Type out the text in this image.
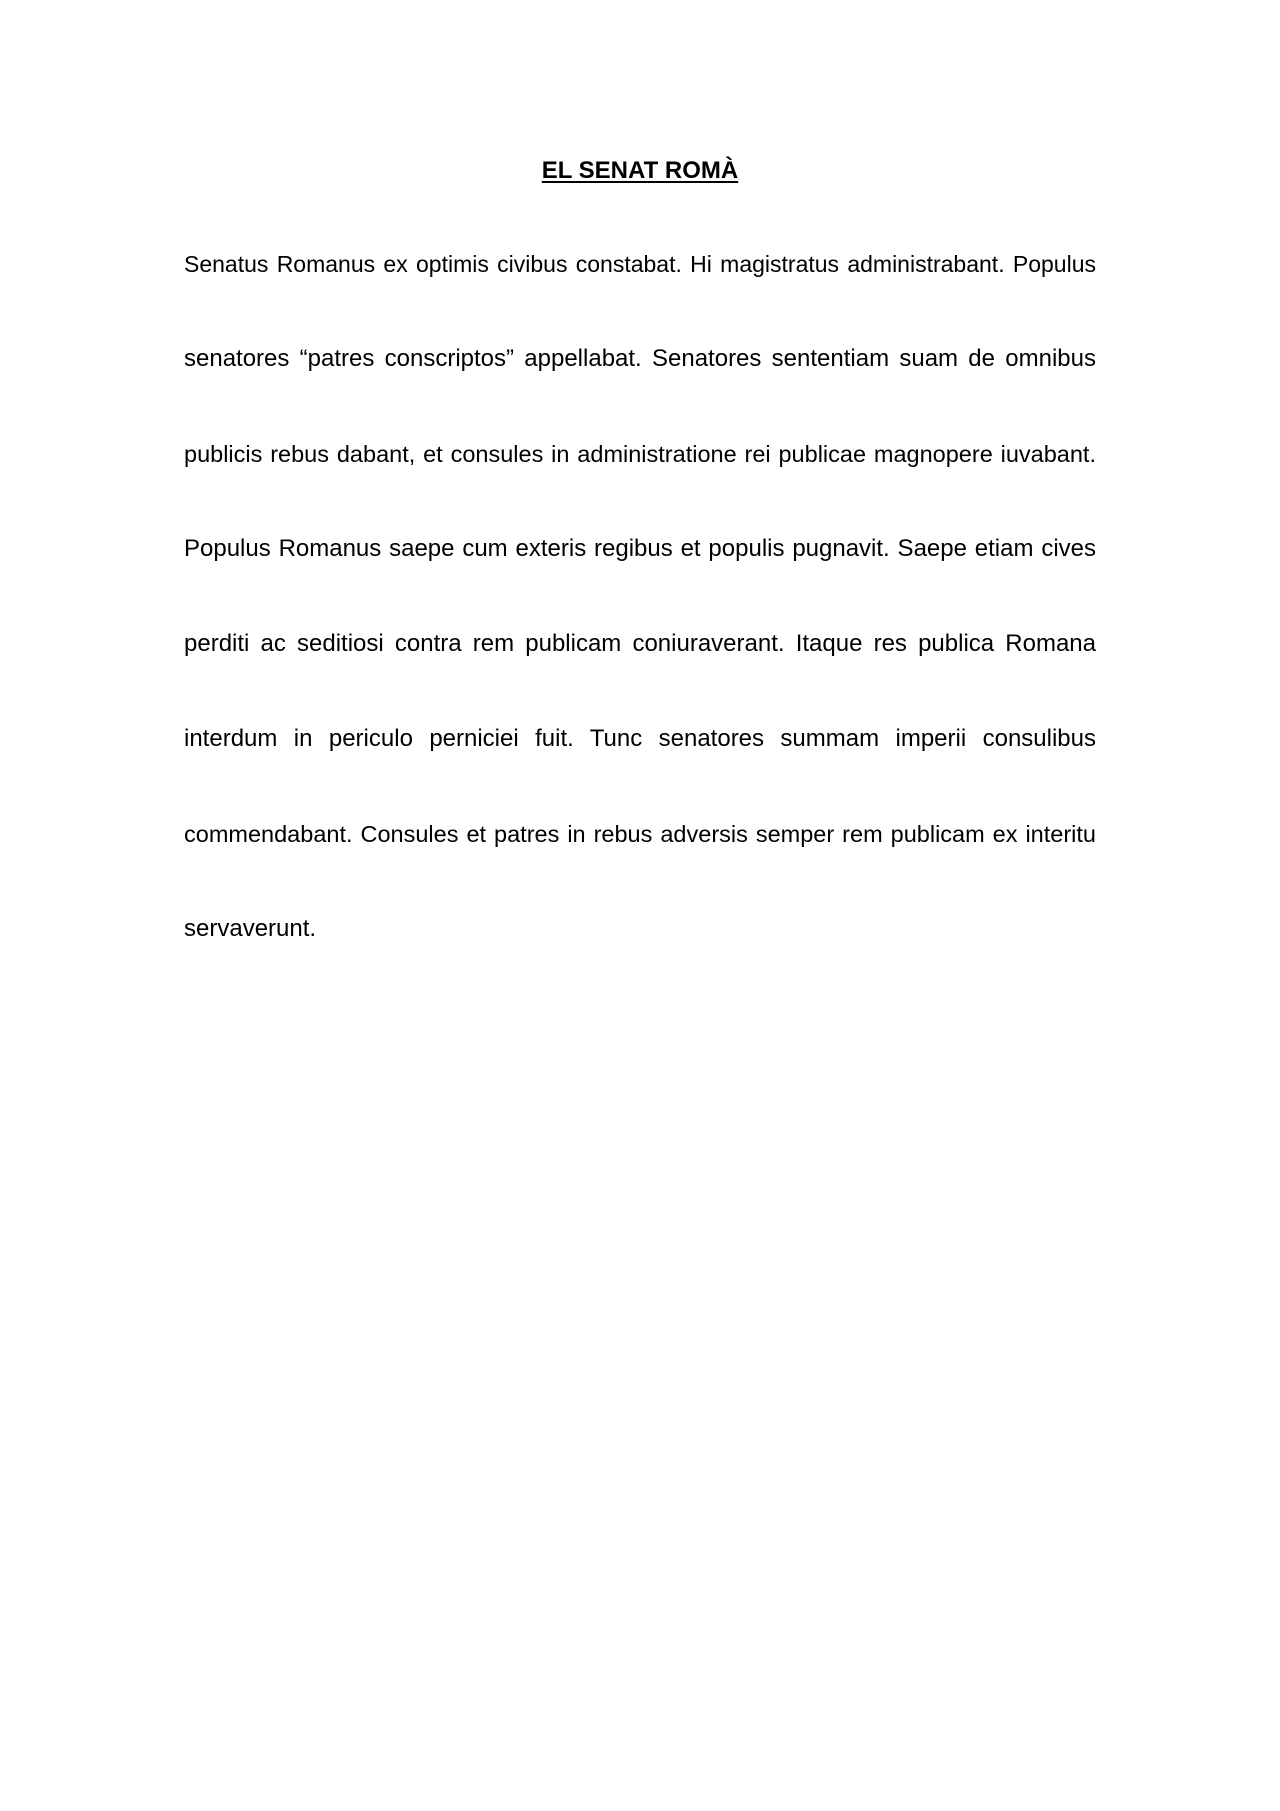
EL SENAT ROMÀ
Senatus Romanus ex optimis civibus constabat. Hi magistratus administrabant. Populus
senatores “patres conscriptos” appellabat. Senatores sententiam suam de omnibus
publicis rebus dabant, et consules in administratione rei publicae magnopere iuvabant.
Populus Romanus saepe cum exteris regibus et populis pugnavit. Saepe etiam cives
perditi ac seditiosi contra rem publicam coniuraverant. Itaque res publica Romana
interdum in periculo perniciei fuit. Tunc senatores summam imperii consulibus
commendabant. Consules et patres in rebus adversis semper rem publicam ex interitu
servaverunt.
